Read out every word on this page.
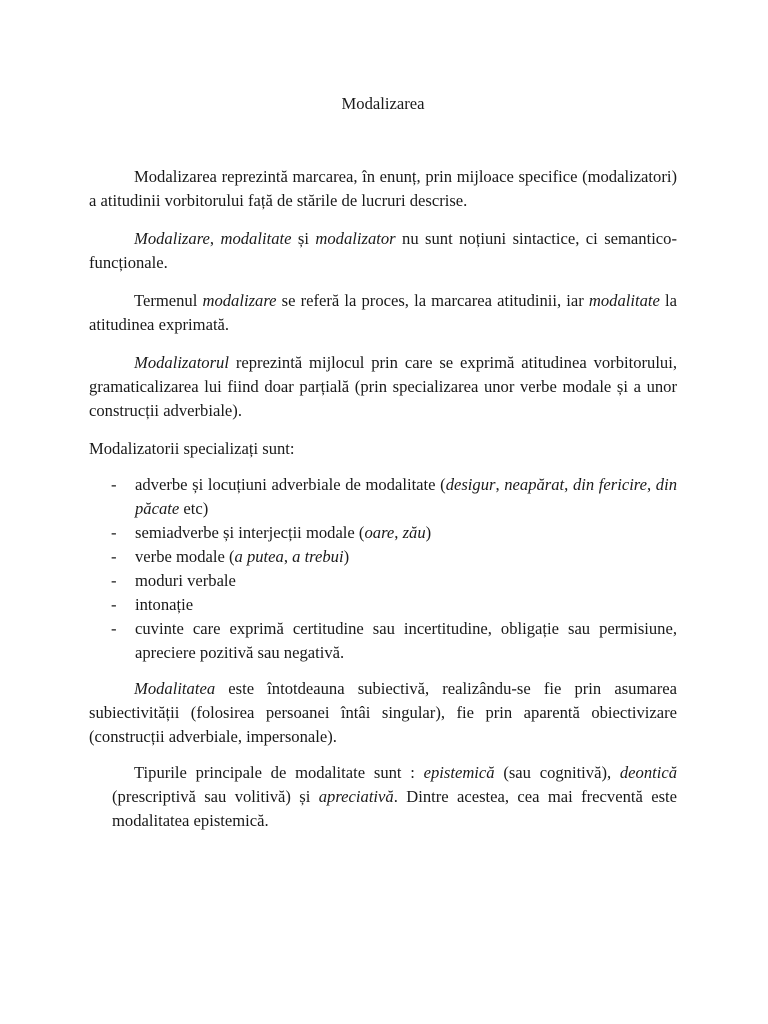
Modalizarea

Modalizarea reprezintă marcarea, în enunț, prin mijloace specifice (modalizatori) a atitudinii vorbitorului față de stările de lucruri descrise.

Modalizare, modalitate și modalizator nu sunt noțiuni sintactice, ci semantico-funcționale.

Termenul modalizare se referă la proces, la marcarea atitudinii, iar modalitate la atitudinea exprimată.

Modalizatorul reprezintă mijlocul prin care se exprimă atitudinea vorbitorului, gramaticalizarea lui fiind doar parțială (prin specializarea unor verbe modale și a unor construcții adverbiale).

Modalizatorii specializați sunt:

- adverbe și locuțiuni adverbiale de modalitate (desigur, neapărat, din fericire, din păcate etc)
- semiadverbe și interjecții modale (oare, zău)
- verbe modale (a putea, a trebui)
- moduri verbale
- intonație
- cuvinte care exprimă certitudine sau incertitudine, obligație sau permisiune, apreciere pozitivă sau negativă.

Modalitatea este întotdeauna subiectivă, realizându-se fie prin asumarea subiectivității (folosirea persoanei întâi singular), fie prin aparentă obiectivizare (construcții adverbiale, impersonale).

Tipurile principale de modalitate sunt : epistemică (sau cognitivă), deontică (prescriptivă sau volitivă) și apreciativă. Dintre acestea, cea mai frecventă este modalitatea epistemică.
